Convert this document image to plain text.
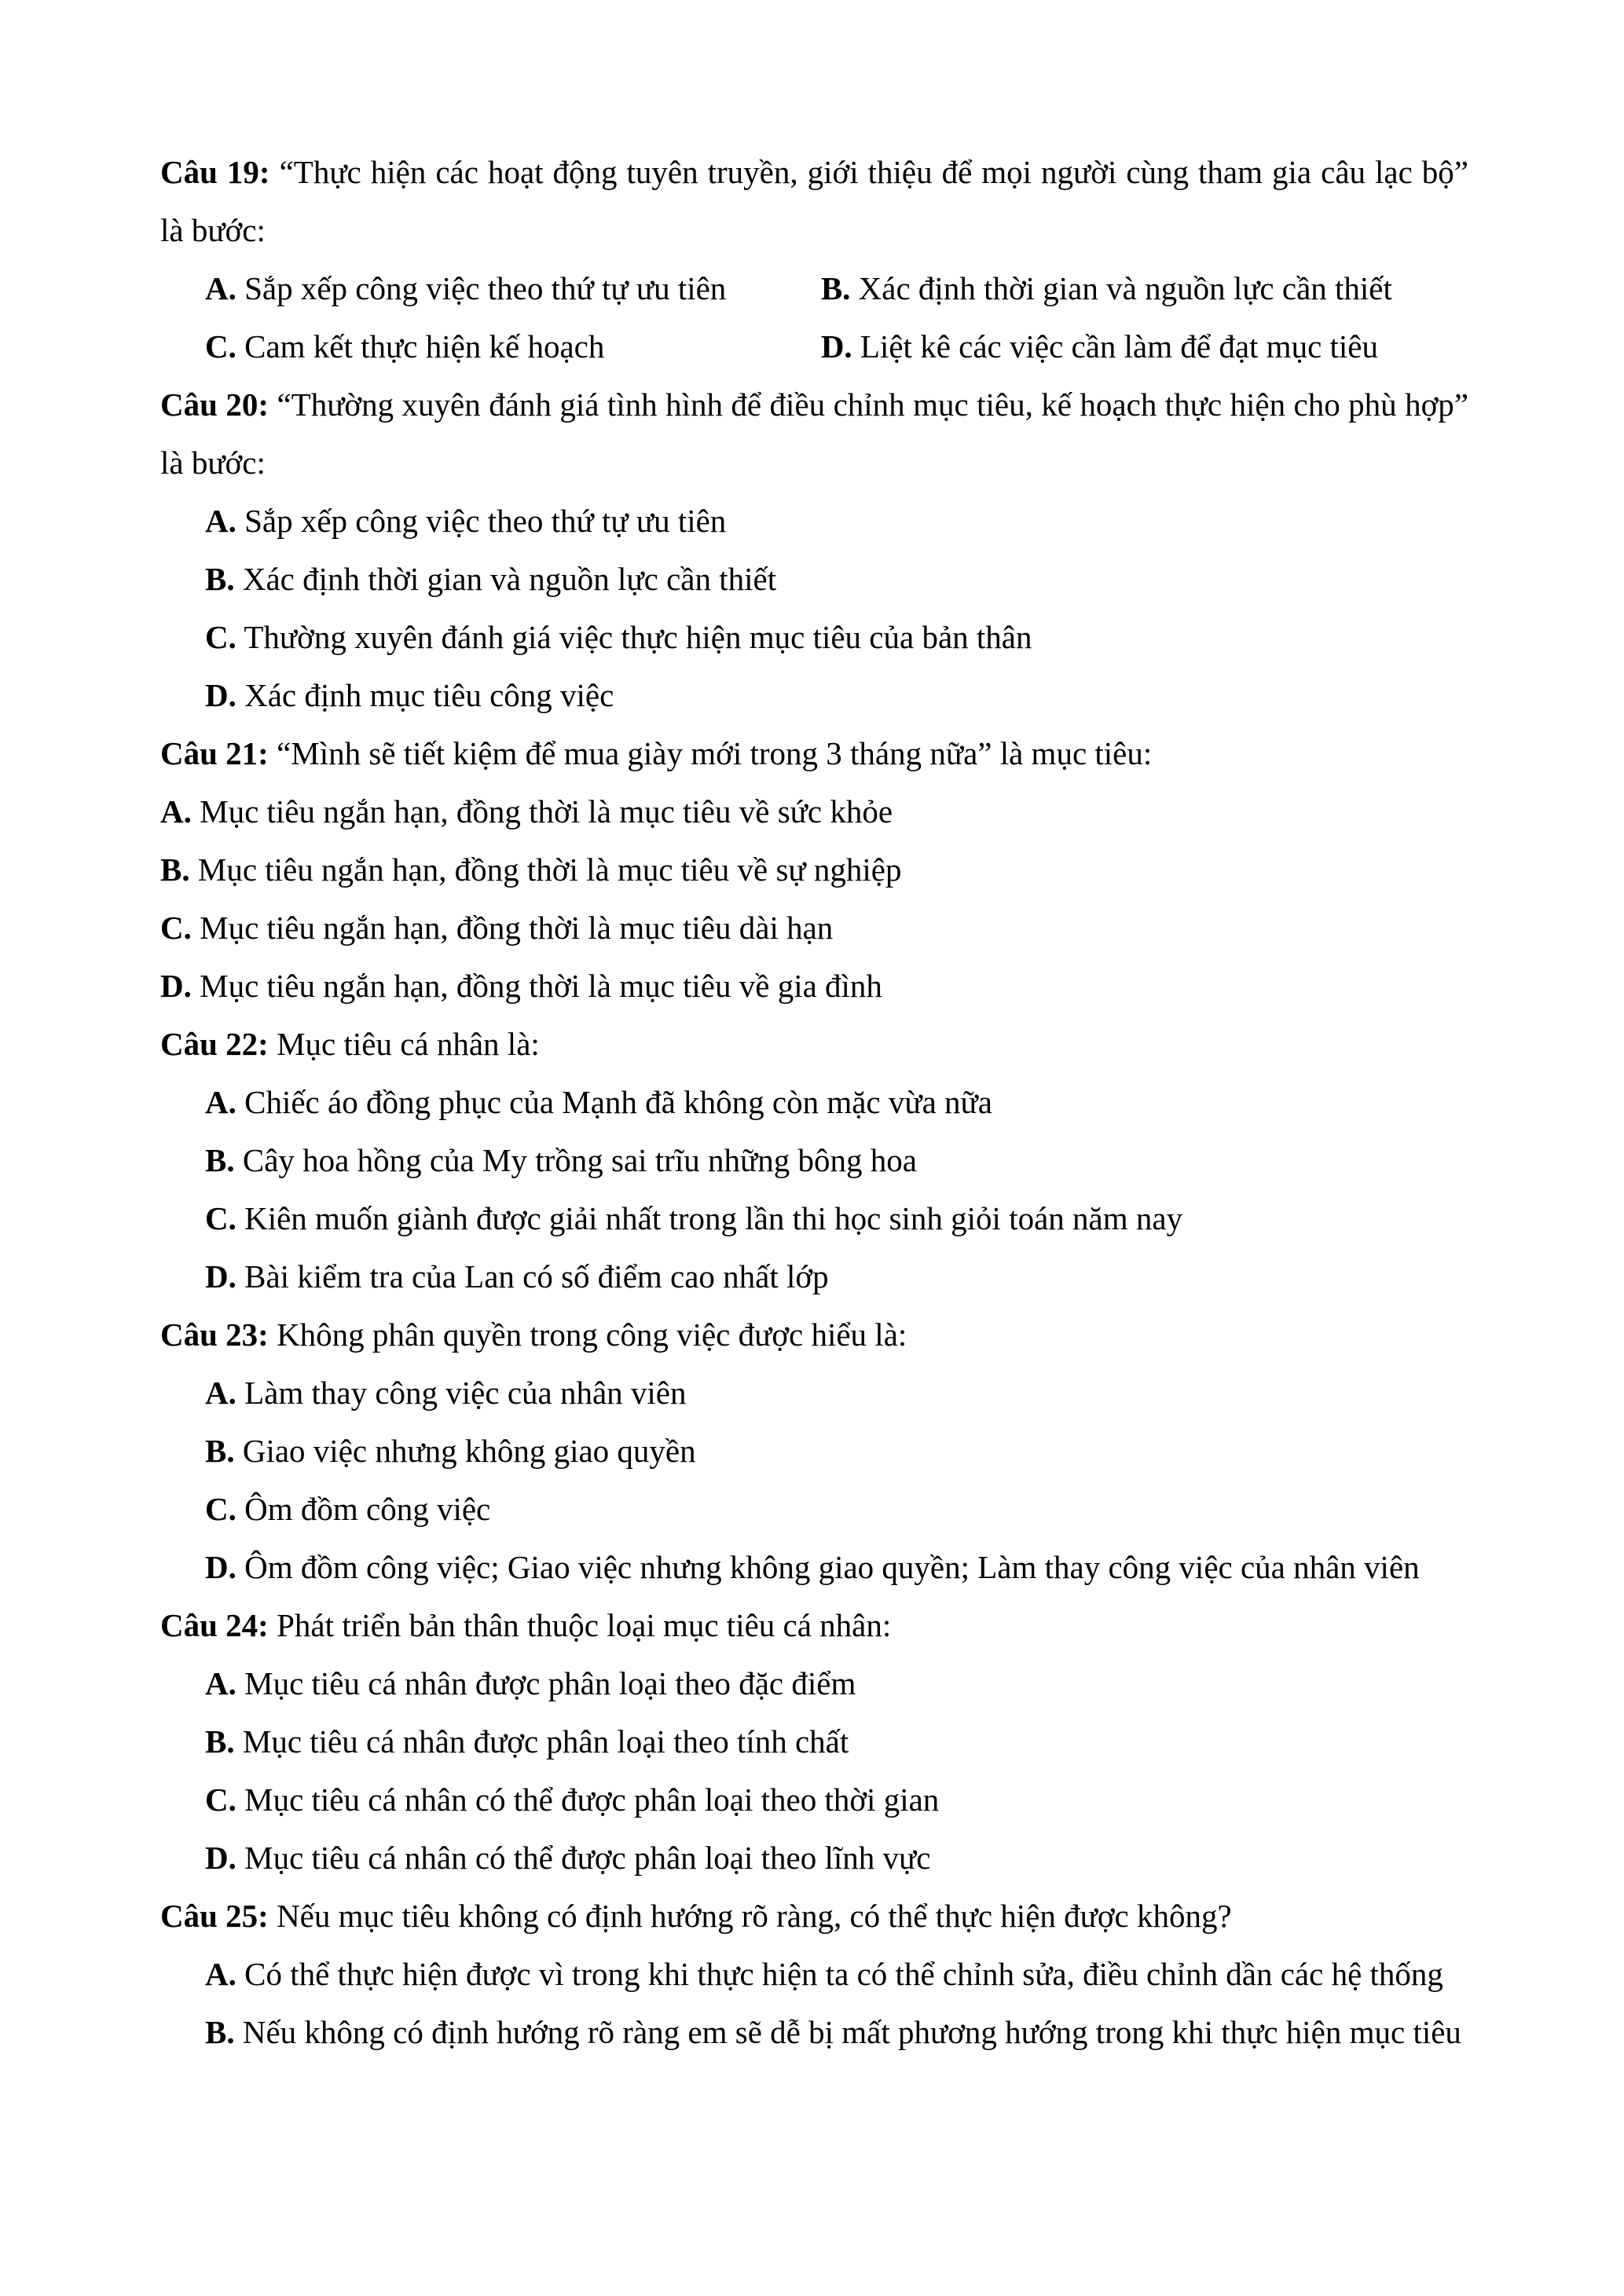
Câu 19: “Thực hiện các hoạt động tuyên truyền, giới thiệu để mọi người cùng tham gia câu lạc bộ” là bước:

A. Sắp xếp công việc theo thứ tự ưu tiên	B. Xác định thời gian và nguồn lực cần thiết
C. Cam kết thực hiện kế hoạch	D. Liệt kê các việc cần làm để đạt mục tiêu

Câu 20: “Thường xuyên đánh giá tình hình để điều chỉnh mục tiêu, kế hoạch thực hiện cho phù hợp” là bước:

A. Sắp xếp công việc theo thứ tự ưu tiên
B. Xác định thời gian và nguồn lực cần thiết
C. Thường xuyên đánh giá việc thực hiện mục tiêu của bản thân
D. Xác định mục tiêu công việc

Câu 21: “Mình sẽ tiết kiệm để mua giày mới trong 3 tháng nữa” là mục tiêu:

A. Mục tiêu ngắn hạn, đồng thời là mục tiêu về sức khỏe
B. Mục tiêu ngắn hạn, đồng thời là mục tiêu về sự nghiệp
C. Mục tiêu ngắn hạn, đồng thời là mục tiêu dài hạn
D. Mục tiêu ngắn hạn, đồng thời là mục tiêu về gia đình

Câu 22: Mục tiêu cá nhân là:

A. Chiếc áo đồng phục của Mạnh đã không còn mặc vừa nữa
B. Cây hoa hồng của My trồng sai trĩu những bông hoa
C. Kiên muốn giành được giải nhất trong lần thi học sinh giỏi toán năm nay
D. Bài kiểm tra của Lan có số điểm cao nhất lớp

Câu 23: Không phân quyền trong công việc được hiểu là:

A. Làm thay công việc của nhân viên
B. Giao việc nhưng không giao quyền
C. Ôm đồm công việc
D. Ôm đồm công việc; Giao việc nhưng không giao quyền; Làm thay công việc của nhân viên

Câu 24: Phát triển bản thân thuộc loại mục tiêu cá nhân:

A. Mục tiêu cá nhân được phân loại theo đặc điểm
B. Mục tiêu cá nhân được phân loại theo tính chất
C. Mục tiêu cá nhân có thể được phân loại theo thời gian
D. Mục tiêu cá nhân có thể được phân loại theo lĩnh vực

Câu 25: Nếu mục tiêu không có định hướng rõ ràng, có thể thực hiện được không?

A. Có thể thực hiện được vì trong khi thực hiện ta có thể chỉnh sửa, điều chỉnh dần các hệ thống
B. Nếu không có định hướng rõ ràng em sẽ dễ bị mất phương hướng trong khi thực hiện mục tiêu
